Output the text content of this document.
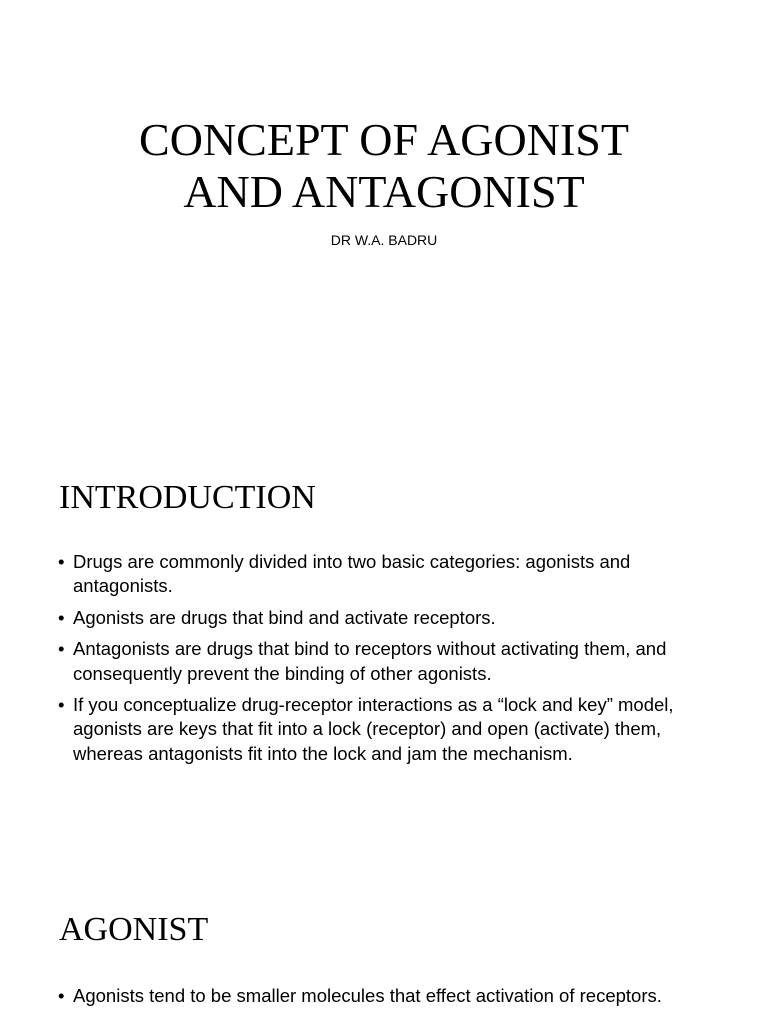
CONCEPT OF AGONIST
AND ANTAGONIST
DR W.A. BADRU
INTRODUCTION
• Drugs are commonly divided into two basic categories: agonists and antagonists.
• Agonists are drugs that bind and activate receptors.
• Antagonists are drugs that bind to receptors without activating them, and consequently prevent the binding of other agonists.
• If you conceptualize drug-receptor interactions as a “lock and key” model, agonists are keys that fit into a lock (receptor) and open (activate) them, whereas antagonists fit into the lock and jam the mechanism.
AGONIST
• Agonists tend to be smaller molecules that effect activation of receptors.
